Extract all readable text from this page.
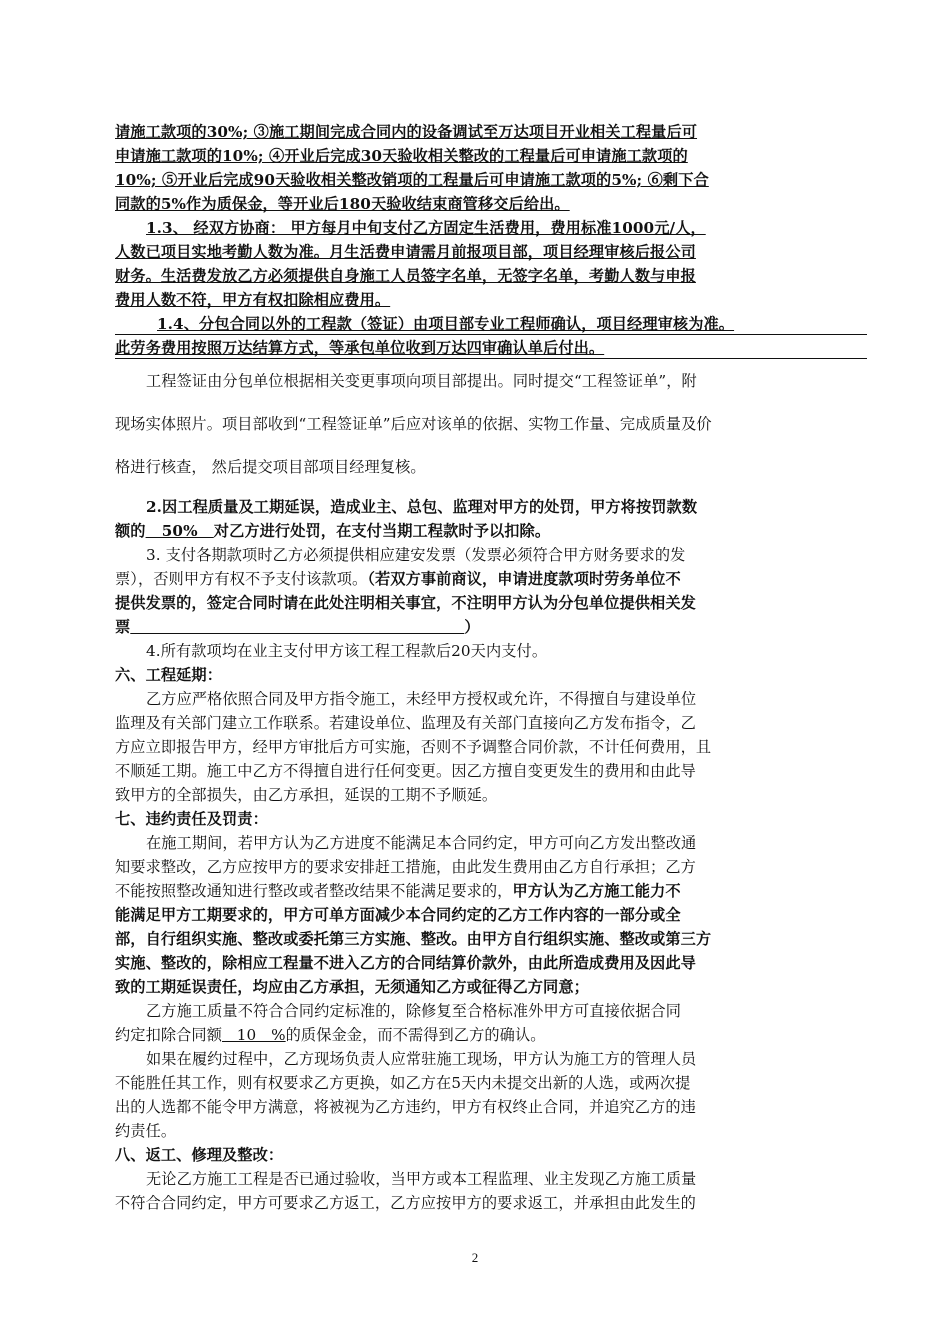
请施工款项的30%; ③施工期间完成合同内的设备调试至万达项目开业相关工程量后可
申请施工款项的10%; ④开业后完成30天验收相关整改的工程量后可申请施工款项的
10%; ⑤开业后完成90天验收相关整改销项的工程量后可申请施工款项的5%; ⑥剩下合
同款的5%作为质保金，等开业后180天验收结束商管移交后给出。
1.3、 经双方协商： 甲方每月中旬支付乙方固定生活费用，费用标准1000元/人，
人数已项目实地考勤人数为准。月生活费申请需月前报项目部，项目经理审核后报公司
财务。生活费发放乙方必须提供自身施工人员签字名单，无签字名单，考勤人数与申报
费用人数不符，甲方有权扣除相应费用。
1.4、分包合同以外的工程款（签证）由项目部专业工程师确认，项目经理审核为准。
此劳务费用按照万达结算方式，等承包单位收到万达四审确认单后付出。
工程签证由分包单位根据相关变更事项向项目部提出。同时提交“工程签证单”，附
现场实体照片。项目部收到“工程签证单”后应对该单的依据、实物工作量、完成质量及价
格进行核查， 然后提交项目部项目经理复核。
2.因工程质量及工期延误，造成业主、总包、监理对甲方的处罚，甲方将按罚款数
额的   50%   对乙方进行处罚，在支付当期工程款时予以扣除。
3. 支付各期款项时乙方必须提供相应建安发票（发票必须符合甲方财务要求的发
票），否则甲方有权不予支付该款项。（若双方事前商议，申请进度款项时劳务单位不
提供发票的，签定合同时请在此处注明相关事宜，不注明甲方认为分包单位提供相关发
票	）
4.所有款项均在业主支付甲方该工程工程款后20天内支付。
六、工程延期：
乙方应严格依照合同及甲方指令施工，未经甲方授权或允许，不得擅自与建设单位
监理及有关部门建立工作联系。若建设单位、监理及有关部门直接向乙方发布指令，乙
方应立即报告甲方，经甲方审批后方可实施，否则不予调整合同价款，不计任何费用，且
不顺延工期。施工中乙方不得擅自进行任何变更。因乙方擅自变更发生的费用和由此导
致甲方的全部损失，由乙方承担，延误的工期不予顺延。
七、违约责任及罚责：
在施工期间，若甲方认为乙方进度不能满足本合同约定，甲方可向乙方发出整改通
知要求整改，乙方应按甲方的要求安排赶工措施，由此发生费用由乙方自行承担；乙方
不能按照整改通知进行整改或者整改结果不能满足要求的，甲方认为乙方施工能力不
能满足甲方工期要求的，甲方可单方面减少本合同约定的乙方工作内容的一部分或全
部，自行组织实施、整改或委托第三方实施、整改。由甲方自行组织实施、整改或第三方
实施、整改的，除相应工程量不进入乙方的合同结算价款外，由此所造成费用及因此导
致的工期延误责任，均应由乙方承担，无须通知乙方或征得乙方同意；
乙方施工质量不符合合同约定标准的，除修复至合格标准外甲方可直接依据合同
约定扣除合同额   10   %的质保金金，而不需得到乙方的确认。
如果在履约过程中，乙方现场负责人应常驻施工现场，甲方认为施工方的管理人员
不能胜任其工作，则有权要求乙方更换，如乙方在5天内未提交出新的人选，或两次提
出的人选都不能令甲方满意，将被视为乙方违约，甲方有权终止合同，并追究乙方的违
约责任。
八、返工、修理及整改：
无论乙方施工工程是否已通过验收，当甲方或本工程监理、业主发现乙方施工质量
不符合合同约定，甲方可要求乙方返工，乙方应按甲方的要求返工，并承担由此发生的
2
